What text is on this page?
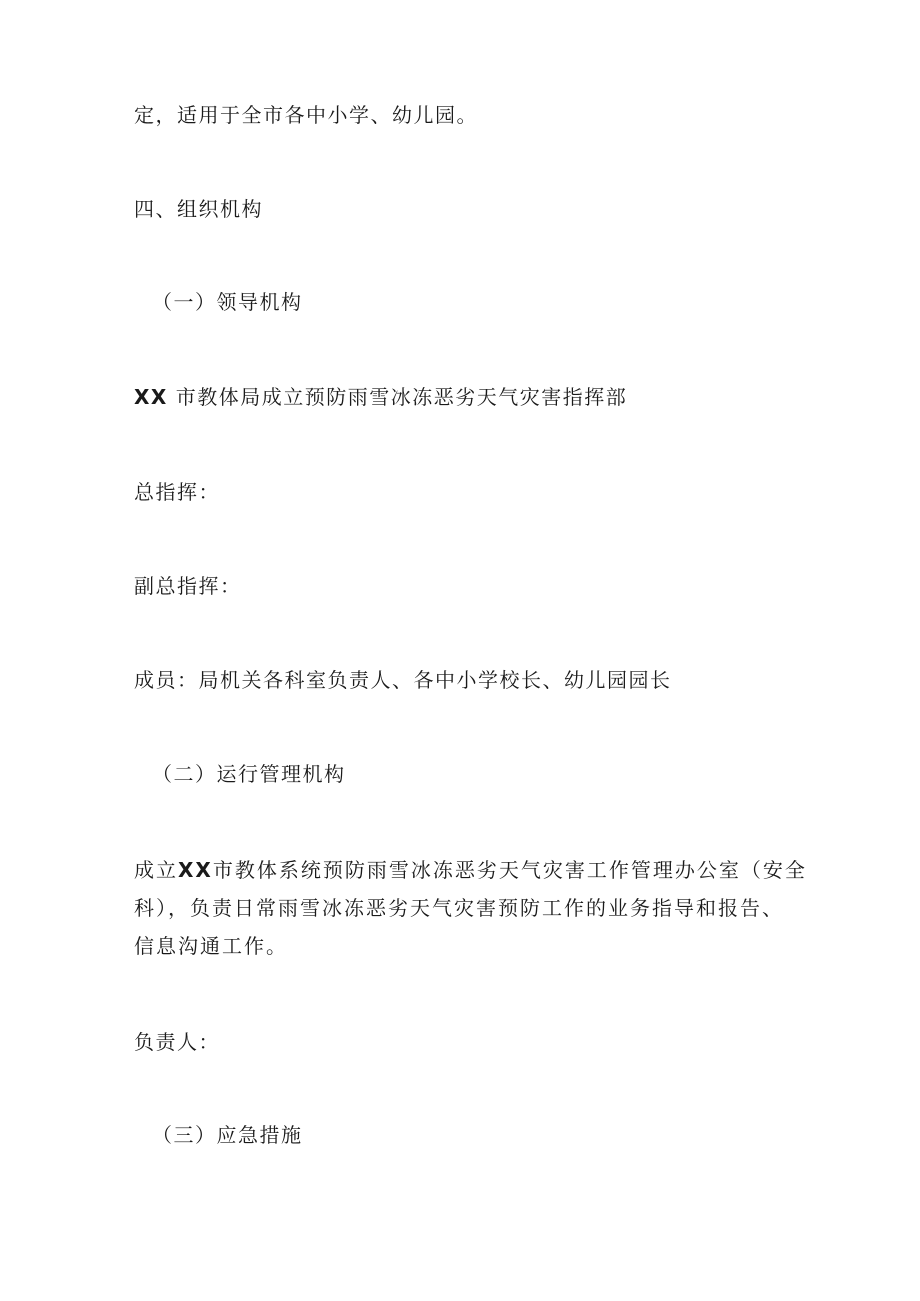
定，适用于全市各中小学、幼儿园。
四、组织机构
（一）领导机构
XX 市教体局成立预防雨雪冰冻恶劣天气灾害指挥部
总指挥：
副总指挥：
成员：局机关各科室负责人、各中小学校长、幼儿园园长
（二）运行管理机构
成立XX市教体系统预防雨雪冰冻恶劣天气灾害工作管理办公室（安全
科），负责日常雨雪冰冻恶劣天气灾害预防工作的业务指导和报告、
信息沟通工作。
负责人：
（三）应急措施
